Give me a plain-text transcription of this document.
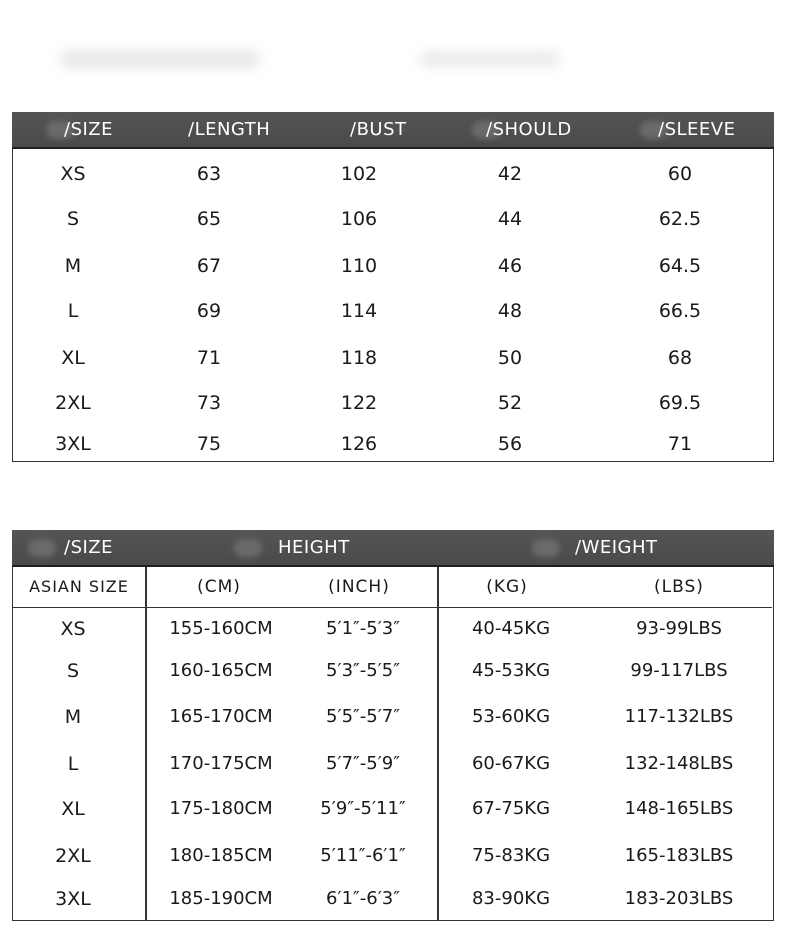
/SIZE	/LENGTH	/BUST	/SHOULD	/SLEEVE
XS	63	102	42	60
S	65	106	44	62.5
M	67	110	46	64.5
L	69	114	48	66.5
XL	71	118	50	68
2XL	73	122	52	69.5
3XL	75	126	56	71
/SIZE	HEIGHT	/WEIGHT
ASIAN SIZE	(CM)	(INCH)	(KG)	(LBS)
XS	155-160CM	5′1″-5′3″	40-45KG	93-99LBS
S	160-165CM	5′3″-5′5″	45-53KG	99-117LBS
M	165-170CM	5′5″-5′7″	53-60KG	117-132LBS
L	170-175CM	5′7″-5′9″	60-67KG	132-148LBS
XL	175-180CM	5′9″-5′11″	67-75KG	148-165LBS
2XL	180-185CM	5′11″-6′1″	75-83KG	165-183LBS
3XL	185-190CM	6′1″-6′3″	83-90KG	183-203LBS
